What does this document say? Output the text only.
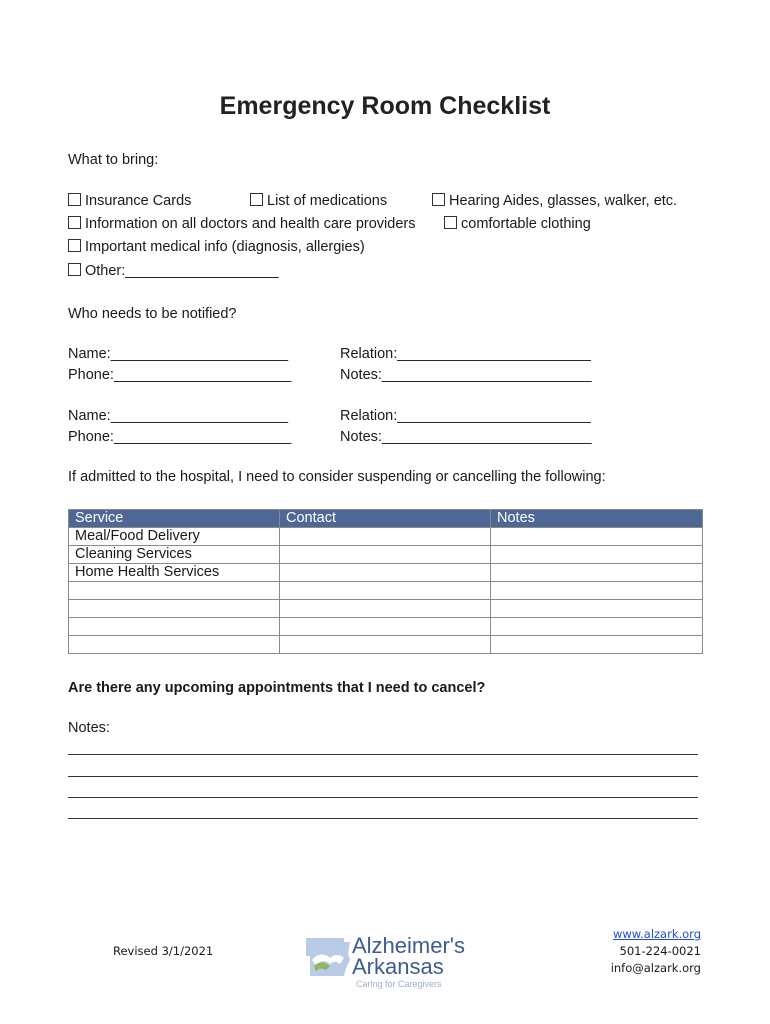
Emergency Room Checklist
What to bring:
Insurance Cards	List of medications	Hearing Aides, glasses, walker, etc.
Information on all doctors and health care providers	comfortable clothing
Important medical info (diagnosis, allergies)
Other:___________________
Who needs to be notified?
Name:______________________
Phone:______________________
Relation:________________________
Notes:__________________________
Name:______________________
Phone:______________________
Relation:________________________
Notes:__________________________
If admitted to the hospital, I need to consider suspending or cancelling the following:
Service	Contact	Notes
Meal/Food Delivery		
Cleaning Services		
Home Health Services		

Are there any upcoming appointments that I need to cancel?
Notes:
Revised 3/1/2021	Alzheimer's
Arkansas
Caring for Caregivers
www.alzark.org
501-224-0021
info@alzark.org
